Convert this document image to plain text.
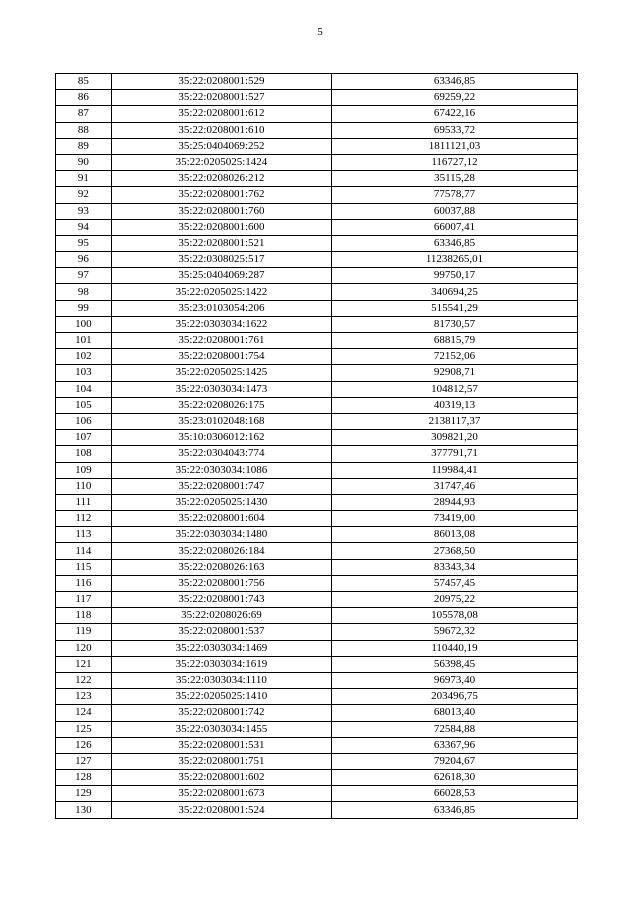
5
85	35:22:0208001:529	63346,85
86	35:22:0208001:527	69259,22
87	35:22:0208001:612	67422,16
88	35:22:0208001:610	69533,72
89	35:25:0404069:252	1811121,03
90	35:22:0205025:1424	116727,12
91	35:22:0208026:212	35115,28
92	35:22:0208001:762	77578,77
93	35:22:0208001:760	60037,88
94	35:22:0208001:600	66007,41
95	35:22:0208001:521	63346,85
96	35:22:0308025:517	11238265,01
97	35:25:0404069:287	99750,17
98	35:22:0205025:1422	340694,25
99	35:23:0103054:206	515541,29
100	35:22:0303034:1622	81730,57
101	35:22:0208001:761	68815,79
102	35:22:0208001:754	72152,06
103	35:22:0205025:1425	92908,71
104	35:22:0303034:1473	104812,57
105	35:22:0208026:175	40319,13
106	35:23:0102048:168	2138117,37
107	35:10:0306012:162	309821,20
108	35:22:0304043:774	377791,71
109	35:22:0303034:1086	119984,41
110	35:22:0208001:747	31747,46
111	35:22:0205025:1430	28944,93
112	35:22:0208001:604	73419,00
113	35:22:0303034:1480	86013,08
114	35:22:0208026:184	27368,50
115	35:22:0208026:163	83343,34
116	35:22:0208001:756	57457,45
117	35:22:0208001:743	20975,22
118	35:22:0208026:69	105578,08
119	35:22:0208001:537	59672,32
120	35:22:0303034:1469	110440,19
121	35:22:0303034:1619	56398,45
122	35:22:0303034:1110	96973,40
123	35:22:0205025:1410	203496,75
124	35:22:0208001:742	68013,40
125	35:22:0303034:1455	72584,88
126	35:22:0208001:531	63367,96
127	35:22:0208001:751	79204,67
128	35:22:0208001:602	62618,30
129	35:22:0208001:673	66028,53
130	35:22:0208001:524	63346,85
